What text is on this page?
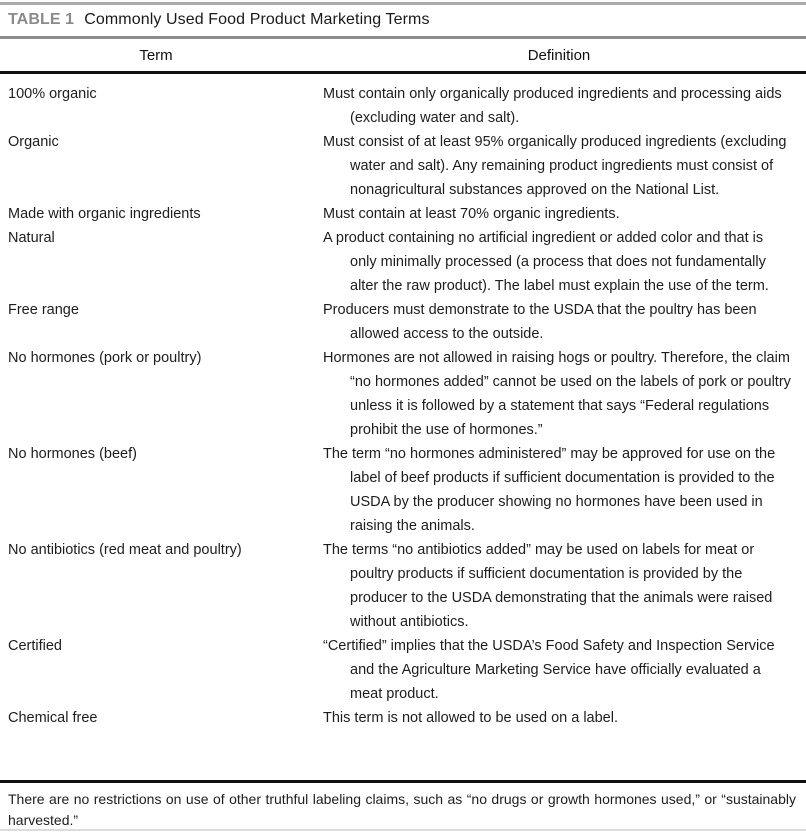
TABLE 1 Commonly Used Food Product Marketing Terms
Term	Definition
100% organic	Must contain only organically produced ingredients and processing aids (excluding water and salt).
Organic	Must consist of at least 95% organically produced ingredients (excluding water and salt). Any remaining product ingredients must consist of nonagricultural substances approved on the National List.
Made with organic ingredients	Must contain at least 70% organic ingredients.
Natural	A product containing no artificial ingredient or added color and that is only minimally processed (a process that does not fundamentally alter the raw product). The label must explain the use of the term.
Free range	Producers must demonstrate to the USDA that the poultry has been allowed access to the outside.
No hormones (pork or poultry)	Hormones are not allowed in raising hogs or poultry. Therefore, the claim “no hormones added” cannot be used on the labels of pork or poultry unless it is followed by a statement that says “Federal regulations prohibit the use of hormones.”
No hormones (beef)	The term “no hormones administered” may be approved for use on the label of beef products if sufficient documentation is provided to the USDA by the producer showing no hormones have been used in raising the animals.
No antibiotics (red meat and poultry)	The terms “no antibiotics added” may be used on labels for meat or poultry products if sufficient documentation is provided by the producer to the USDA demonstrating that the animals were raised without antibiotics.
Certified	“Certified” implies that the USDA’s Food Safety and Inspection Service and the Agriculture Marketing Service have officially evaluated a meat product.
Chemical free	This term is not allowed to be used on a label.
There are no restrictions on use of other truthful labeling claims, such as “no drugs or growth hormones used,” or “sustainably harvested.”
